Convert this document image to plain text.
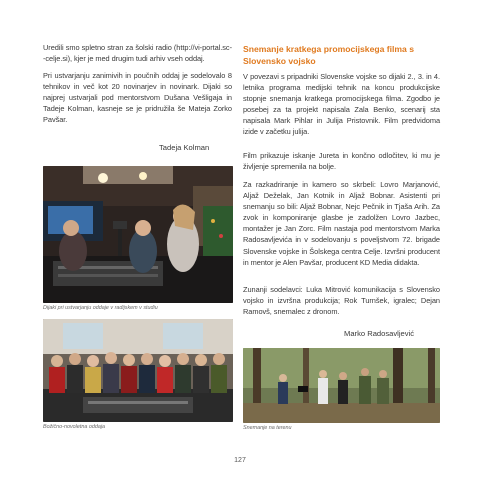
Uredili smo spletno stran za šolski radio (http://vi-portal.sc--celje.si), kjer je med drugim tudi arhiv vseh oddaj.
Pri ustvarjanju zanimivih in poučnih oddaj je sodelovalo 8 tehnikov in več kot 20 novinarjev in novinark. Dijaki so najprej ustvarjali pod mentorstvom Dušana Vešligaja in Tadeje Kolman, kasneje se je pridružila še Mateja Zorko Pavšar.
Tadeja Kolman
Dijaki pri ustvarjanju oddaje v radijskem v studiu
Božično-novoletna oddaja
Snemanje kratkega promocijskega filma s Slovensko vojsko
V povezavi s pripadniki Slovenske vojske so dijaki 2., 3. in 4. letnika programa medijski tehnik na koncu produkcijske stopnje snemanja kratkega promocijskega filma. Zgodbo je posebej za ta projekt napisala Zala Benko, scenarij sta napisala Mark Pihlar in Julija Pristovnik. Film predvidoma izide v začetku julija.
Film prikazuje iskanje Jureta in končno odločitev, ki mu je življenje spremenila na bolje.
Za razkadriranje in kamero so skrbeli: Lovro Marjanović, Aljaž Deželak, Jan Kotnik in Aljaž Bobnar. Asistenti pri snemanju so bili: Aljaž Bobnar, Nejc Pečnik in Tjaša Arih. Za zvok in komponiranje glasbe je zadolžen Lovro Jazbec, montažer je Jan Zorc. Film nastaja pod mentorstvom Marka Radosavljevića in v sodelovanju s poveljstvom 72. brigade Slovenske vojske in Šolskega centra Celje. Izvršni producent in mentor je Alen Pavšar, producent KD Media didakta.
Zunanji sodelavci: Luka Mitrović komunikacija s Slovensko vojsko in izvršna produkcija; Rok Turnšek, igralec; Dejan Ramovš, snemalec z dronom.
Marko Radosavljević
Snemanje na terenu
127
